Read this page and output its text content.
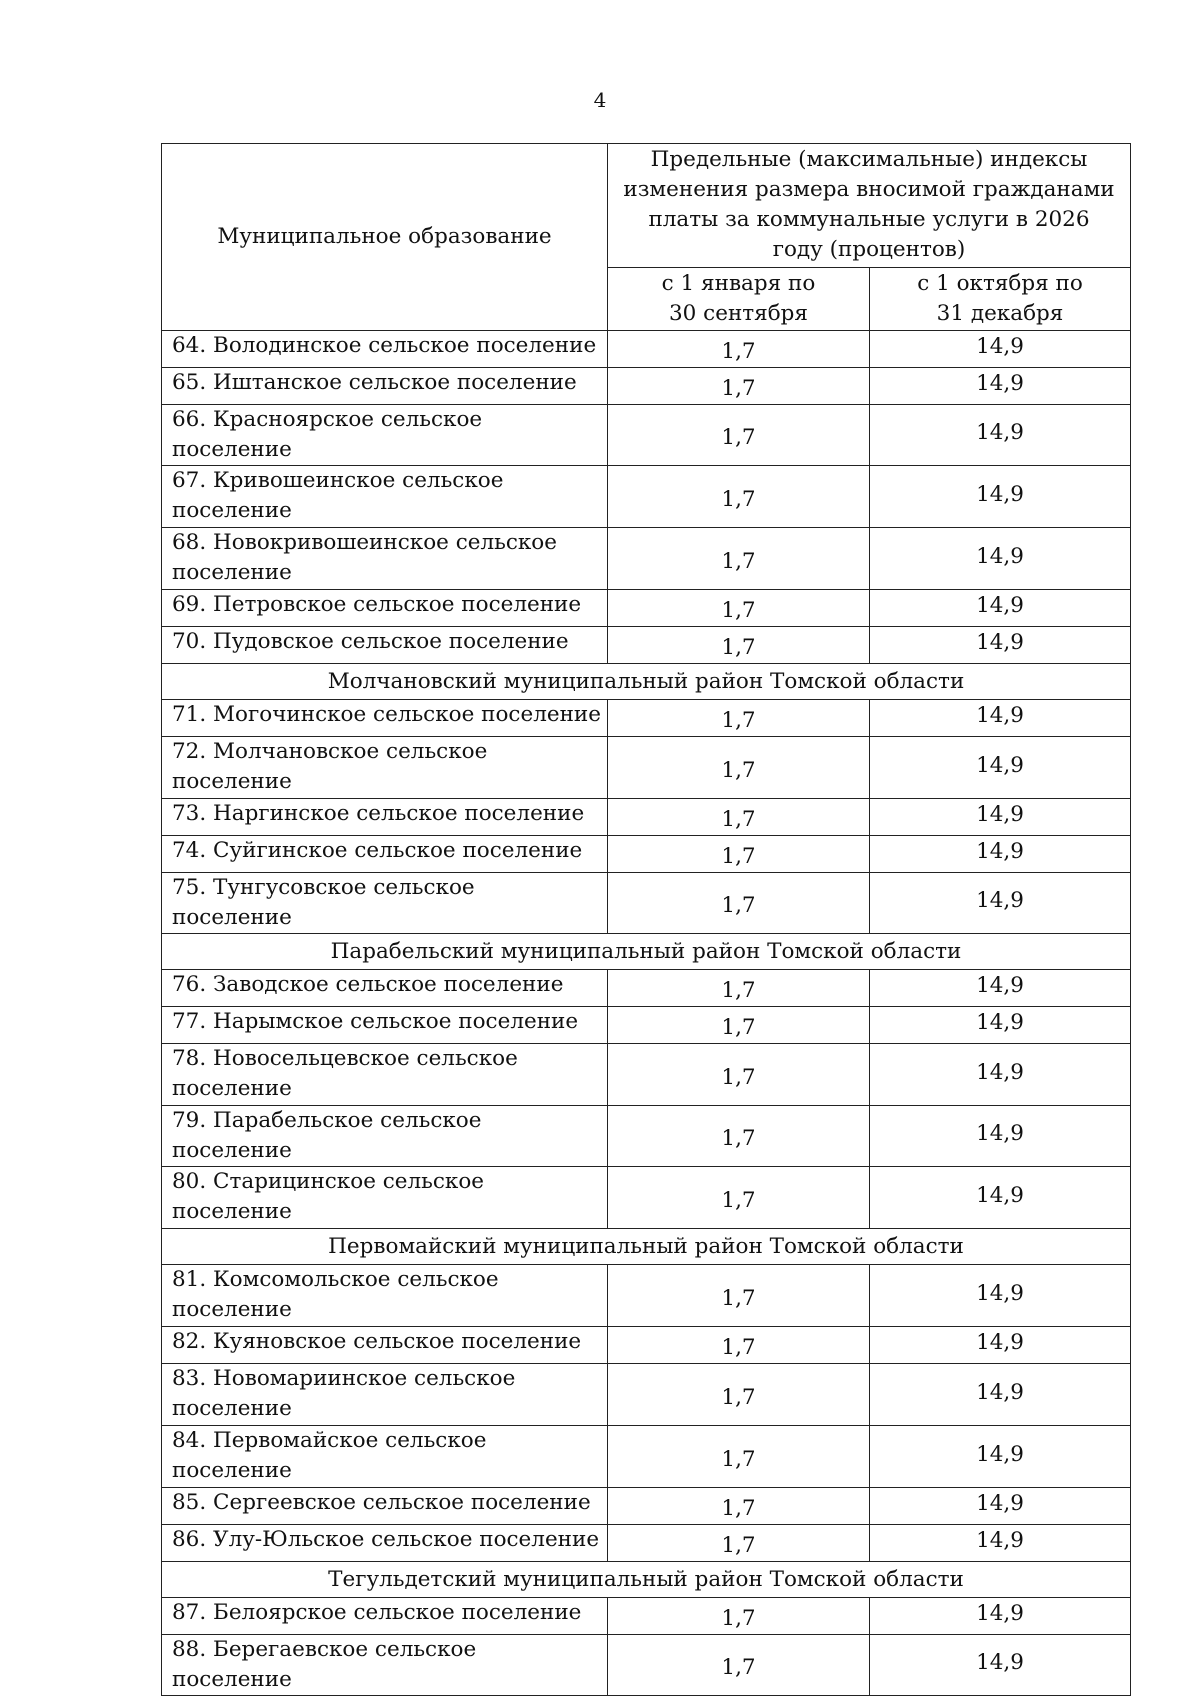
4
Муниципальное образование	Предельные (максимальные) индексы изменения размера вносимой гражданами платы за коммунальные услуги в 2026 году (процентов)	

	с 1 января по 30 сентября	с 1 октября по 31 декабря

64. Володинское сельское поселение	1,7	14,9
65. Иштанское сельское поселение	1,7	14,9
66. Красноярское сельское поселение	1,7	14,9
67. Кривошеинское сельское поселение	1,7	14,9
68. Новокривошеинское сельское поселение	1,7	14,9
69. Петровское сельское поселение	1,7	14,9
70. Пудовское сельское поселение	1,7	14,9
Молчановский муниципальный район Томской области		
71. Могочинское сельское поселение	1,7	14,9
72. Молчановское сельское поселение	1,7	14,9
73. Наргинское сельское поселение	1,7	14,9
74. Суйгинское сельское поселение	1,7	14,9
75. Тунгусовское сельское поселение	1,7	14,9
Парабельский муниципальный район Томской области		
76. Заводское сельское поселение	1,7	14,9
77. Нарымское сельское поселение	1,7	14,9
78. Новосельцевское сельское поселение	1,7	14,9
79. Парабельское сельское поселение	1,7	14,9
80. Старицинское сельское поселение	1,7	14,9
Первомайский муниципальный район Томской области		
81. Комсомольское сельское поселение	1,7	14,9
82. Куяновское сельское поселение	1,7	14,9
83. Новомариинское сельское поселение	1,7	14,9
84. Первомайское сельское поселение	1,7	14,9
85. Сергеевское сельское поселение	1,7	14,9
86. Улу-Юльское сельское поселение	1,7	14,9
Тегульдетский муниципальный район Томской области		
87. Белоярское сельское поселение	1,7	14,9
88. Берегаевское сельское поселение	1,7	14,9
